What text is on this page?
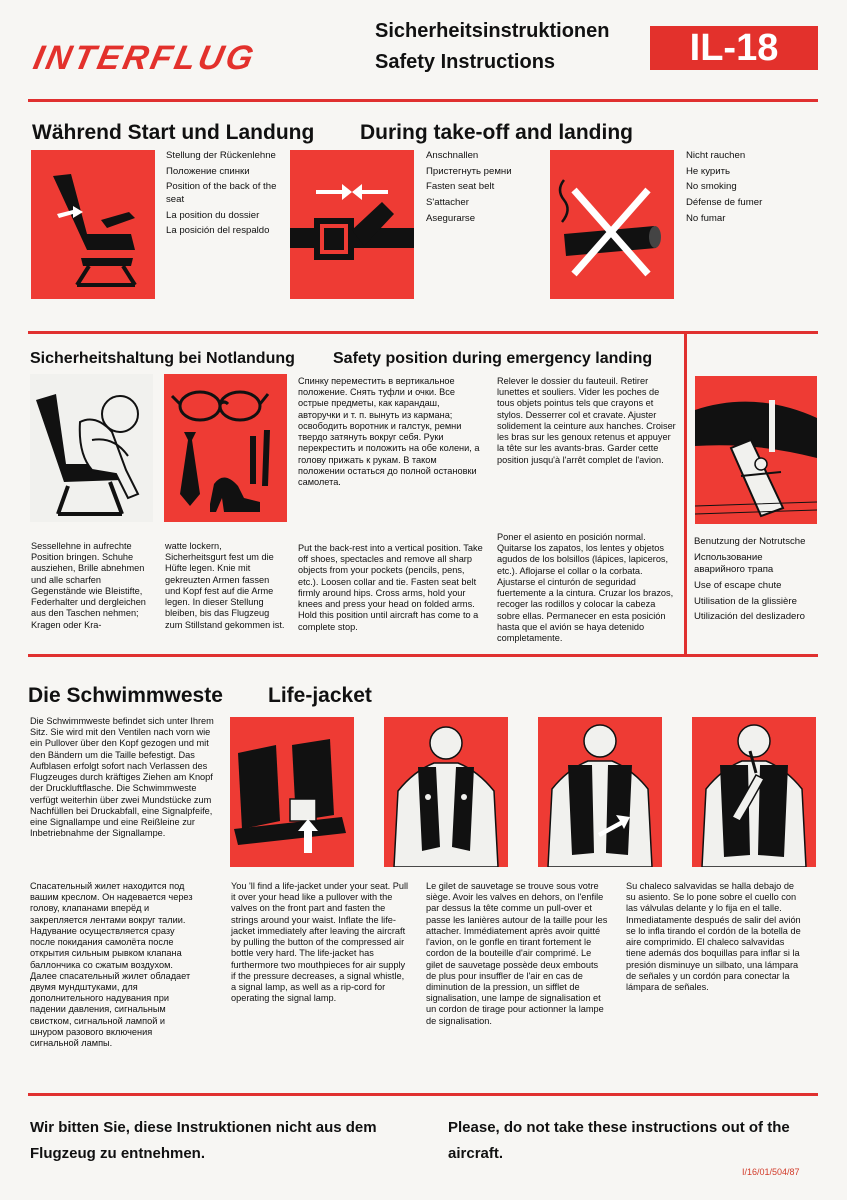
INTERFLUG
Sicherheitsinstruktionen
Safety Instructions	IL-18
Während Start und Landung During take-off and landing
Stellung der Rückenlehne
Положение спинки
Position of the back of the seat
La position du dossier
La posición del respaldo
Anschnallen
Пристегнуть ремни
Fasten seat belt
S'attacher
Asegurarse
Nicht rauchen
Не курить
No smoking
Défense de fumer
No fumar
Sicherheitshaltung bei Notlandung Safety position during emergency landing
Спинку переместить в вертикальное положение. Снять туфли и очки. Все острые предметы, как карандаш, авторучки и т. п. вынуть из кармана; освободить воротник и галстук, ремни твердо затянуть вокруг себя. Руки перекрестить и положить на обе колени, а голову прижать к рукам. В таком положении остаться до полной остановки самолета.
Relever le dossier du fauteuil. Retirer lunettes et souliers. Vider les poches de tous objets pointus tels que crayons et stylos. Desserrer col et cravate. Ajuster solidement la ceinture aux hanches. Croiser les bras sur les genoux retenus et appuyer la tête sur les avants-bras. Garder cette position jusqu'à l'arrêt complet de l'avion.
Sessellehne in aufrechte Position bringen. Schuhe ausziehen, Brille abnehmen und alle scharfen Gegenstände wie Bleistifte, Federhalter und dergleichen aus den Taschen nehmen; Kragen oder Kra-
watte lockern, Sicherheitsgurt fest um die Hüfte legen. Knie mit gekreuzten Armen fassen und Kopf fest auf die Arme legen. In dieser Stellung bleiben, bis das Flugzeug zum Stillstand gekommen ist.
Put the back-rest into a vertical position. Take off shoes, spectacles and remove all sharp objects from your pockets (pencils, pens, etc.). Loosen collar and tie. Fasten seat belt firmly around hips. Cross arms, hold your knees and press your head on folded arms. Hold this position until aircraft has come to a complete stop.
Poner el asiento en posición normal. Quitarse los zapatos, los lentes y objetos agudos de los bolsillos (lápices, lapiceros, etc.). Aflojarse el collar o la corbata. Ajustarse el cinturón de seguridad fuertemente a la cintura. Cruzar los brazos, recoger las rodillos y colocar la cabeza sobre ellas. Permanecer en esta posición hasta que el avión se haya detenido completamente.
Benutzung der Notrutsche
Использование аварийного трапа
Use of escape chute
Utilisation de la glissière
Utilización del deslizadero
Die Schwimmweste Life-jacket
Die Schwimmweste befindet sich unter Ihrem Sitz. Sie wird mit den Ventilen nach vorn wie ein Pullover über den Kopf gezogen und mit den Bändern um die Taille befestigt. Das Aufblasen erfolgt sofort nach Verlassen des Flugzeuges durch kräftiges Ziehen am Knopf der Druckluftflasche. Die Schwimmweste verfügt weiterhin über zwei Mundstücke zum Nachfüllen bei Druckabfall, eine Signalpfeife, eine Signallampe und eine Reißleine zur Inbetriebnahme der Signallampe.
Спасательный жилет находится под вашим креслом. Он надевается через голову, клапанами вперёд и закрепляется лентами вокруг талии. Надувание осуществляется сразу после покидания самолёта после открытия сильным рывком клапана баллончика со сжатым воздухом. Далее спасательный жилет обладает двумя мундштуками, для дополнительного надувания при падении давления, сигнальным свистком, сигнальной лампой и шнуром разового включения сигнальной лампы.
You 'll find a life-jacket under your seat. Pull it over your head like a pullover with the valves on the front part and fasten the strings around your waist. Inflate the life-jacket immediately after leaving the aircraft by pulling the button of the compressed air bottle very hard. The life-jacket has furthermore two mouthpieces for air supply if the pressure decreases, a signal whistle, a signal lamp, as well as a rip-cord for operating the signal lamp.
Le gilet de sauvetage se trouve sous votre siège. Avoir les valves en dehors, on l'enfile par dessus la tête comme un pull-over et passe les lanières autour de la taille pour les attacher. Immédiatement après avoir quitté l'avion, on le gonfle en tirant fortement le cordon de la bouteille d'air comprimé. Le gilet de sauvetage possède deux embouts de plus pour insuffler de l'air en cas de diminution de la pression, un sifflet de signalisation, une lampe de signalisation et un cordon de tirage pour actionner la lampe de signalisation.
Su chaleco salvavidas se halla debajo de su asiento. Se lo pone sobre el cuello con las válvulas delante y lo fija en el talle. Inmediatamente después de salir del avión se lo infla tirando el cordón de la botella de aire comprimido. El chaleco salvavidas tiene además dos boquillas para inflar si la presión disminuye un silbato, una lámpara de señales y un cordón para conectar la lámpara de señales.
Wir bitten Sie, diese Instruktionen nicht aus dem Flugzeug zu entnehmen.
Please, do not take these instructions out of the aircraft.
I/16/01/504/87
